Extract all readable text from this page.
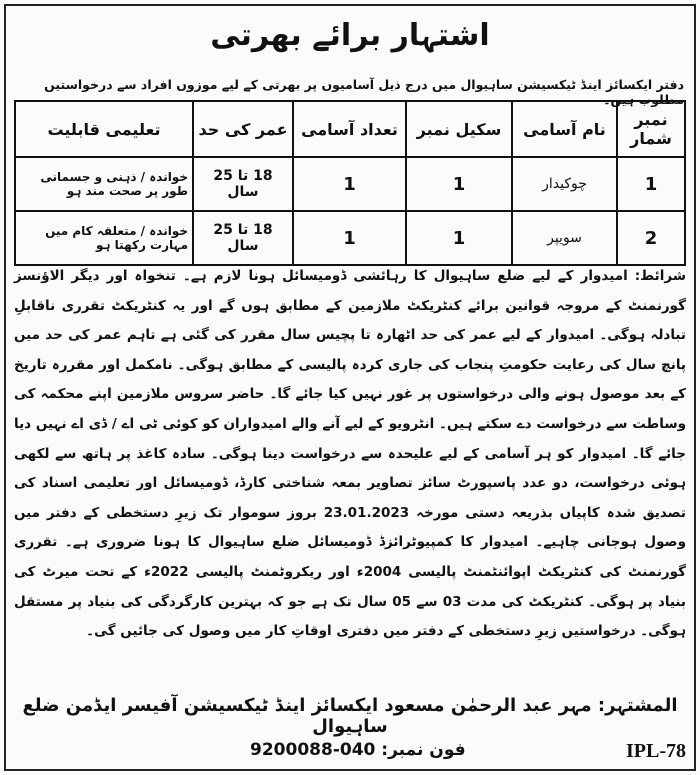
اشتہار برائے بھرتی
دفتر ایکسائز اینڈ ٹیکسیشن ساہیوال میں درج ذیل آسامیوں پر بھرتی کے لیے موزوں افراد سے درخواستیں مطلوب ہیں۔
نمبر شمار	نام آسامی	سکیل نمبر	تعداد آسامی	عمر کی حد	تعلیمی قابلیت
1	چوکیدار	1	1	18 تا 25 سال	خواندہ / ذہنی و جسمانی طور پر صحت مند ہو
2	سویپر	1	1	18 تا 25 سال	خواندہ / متعلقہ کام میں مہارت رکھتا ہو
شرائط: امیدوار کے لیے ضلع ساہیوال کا رہائشی ڈومیسائل ہونا لازم ہے۔ تنخواہ اور دیگر الاؤنسز گورنمنٹ کے مروجہ قوانین برائے کنٹریکٹ ملازمین کے مطابق ہوں گے اور یہ کنٹریکٹ تقرری ناقابلِ تبادلہ ہوگی۔ امیدوار کے لیے عمر کی حد اٹھارہ تا پچیس سال مقرر کی گئی ہے تاہم عمر کی حد میں پانچ سال کی رعایت حکومتِ پنجاب کی جاری کردہ پالیسی کے مطابق ہوگی۔ نامکمل اور مقررہ تاریخ کے بعد موصول ہونے والی درخواستوں پر غور نہیں کیا جائے گا۔ حاضر سروس ملازمین اپنے محکمہ کی وساطت سے درخواست دے سکتے ہیں۔ انٹرویو کے لیے آنے والے امیدواران کو کوئی ٹی اے / ڈی اے نہیں دیا جائے گا۔ امیدوار کو ہر آسامی کے لیے علیحدہ سے درخواست دینا ہوگی۔ سادہ کاغذ پر ہاتھ سے لکھی ہوئی درخواست، دو عدد پاسپورٹ سائز تصاویر بمعہ شناختی کارڈ، ڈومیسائل اور تعلیمی اسناد کی تصدیق شدہ کاپیاں بذریعہ دستی مورخہ 23.01.2023 بروز سوموار تک زیرِ دستخطی کے دفتر میں وصول ہوجانی چاہیے۔ امیدوار کا کمپیوٹرائزڈ ڈومیسائل ضلع ساہیوال کا ہونا ضروری ہے۔ تقرری گورنمنٹ کی کنٹریکٹ اپوائنٹمنٹ پالیسی 2004ء اور ریکروٹمنٹ پالیسی 2022ء کے تحت میرٹ کی بنیاد پر ہوگی۔ کنٹریکٹ کی مدت 03 سے 05 سال تک ہے جو کہ بہترین کارگردگی کی بنیاد پر مستقل ہوگی۔ درخواستیں زیرِ دستخطی کے دفتر میں دفتری اوقاتِ کار میں وصول کی جائیں گی۔
المشتہر: مہر عبد الرحمٰن مسعود ایکسائز اینڈ ٹیکسیشن آفیسر ایڈمن ضلع ساہیوال
فون نمبر: 040-9200088	IPL-78
